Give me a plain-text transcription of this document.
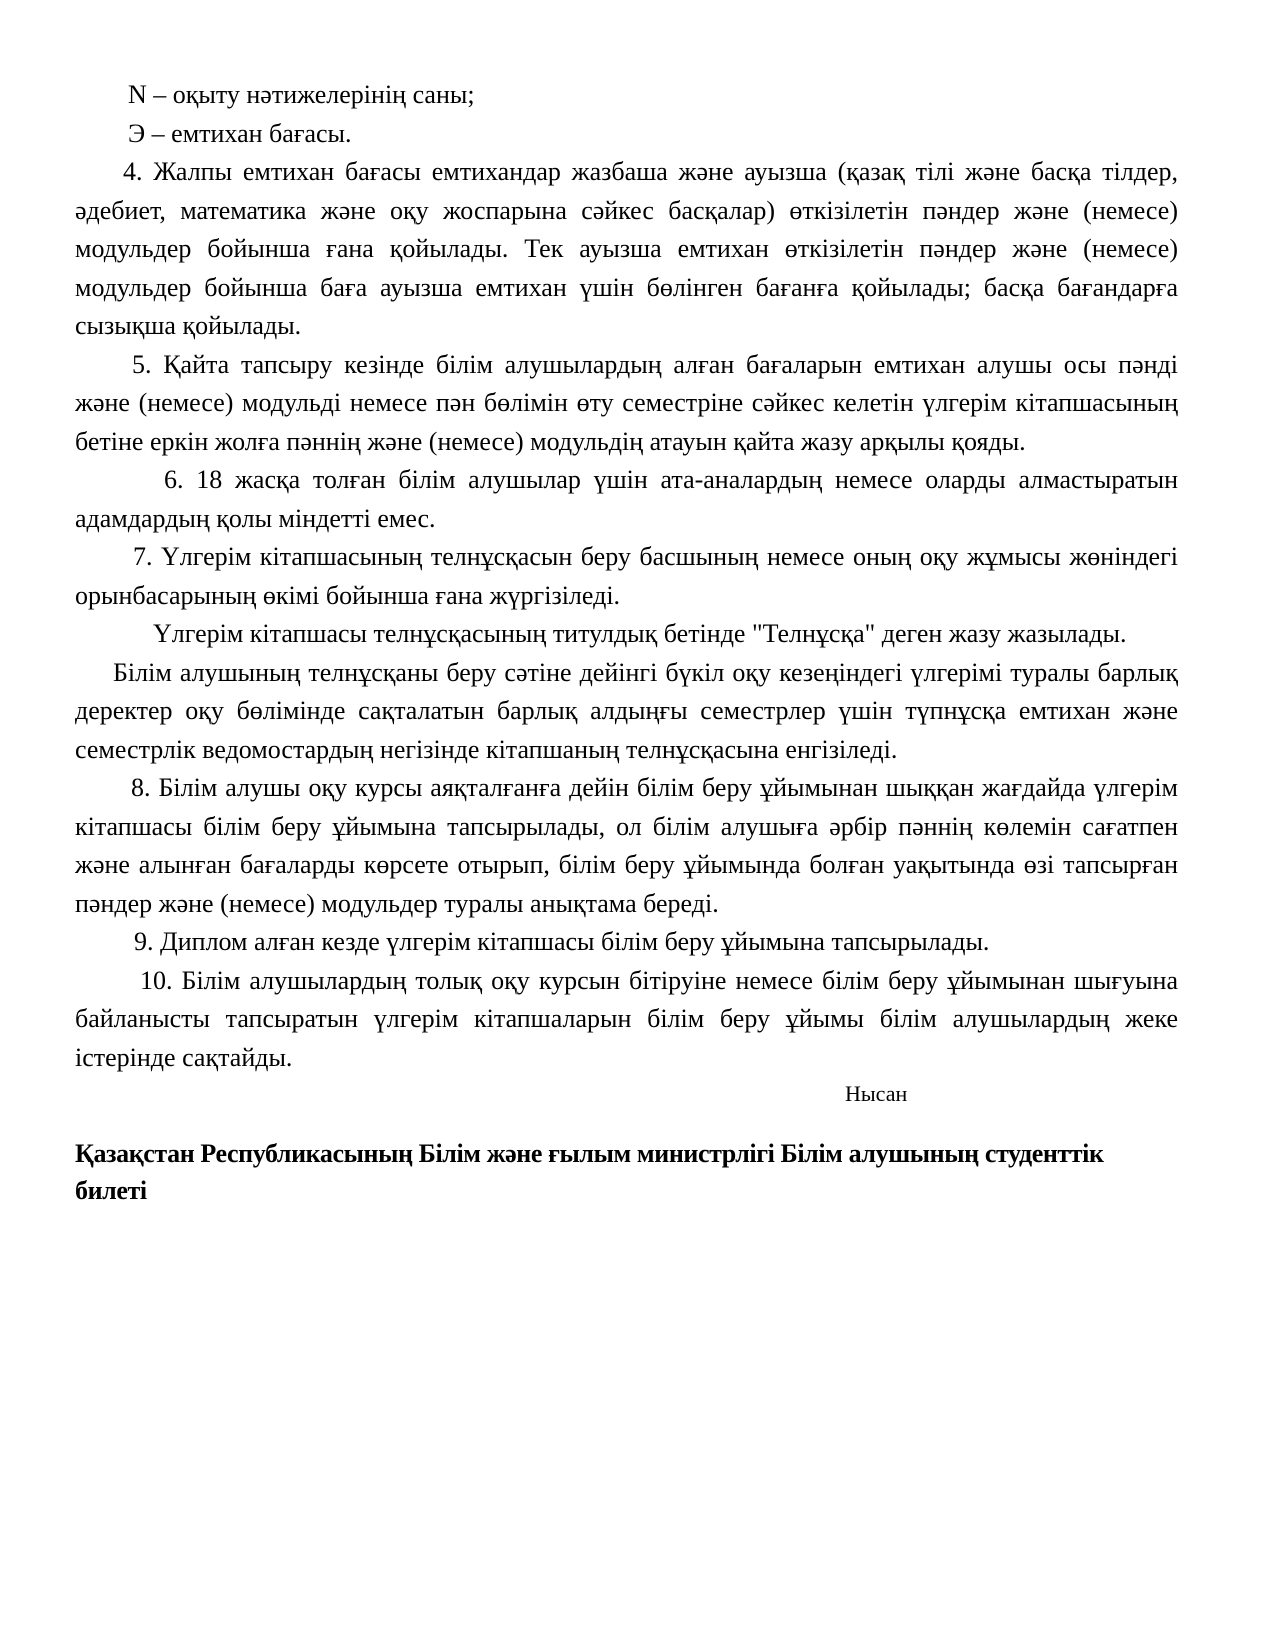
N – оқыту нәтижелерінің саны;

Э – емтихан бағасы.

4. Жалпы емтихан бағасы емтихандар жазбаша және ауызша (қазақ тілі және басқа тілдер, әдебиет, математика және оқу жоспарына сәйкес басқалар) өткізілетін пәндер және (немесе) модульдер бойынша ғана қойылады. Тек ауызша емтихан өткізілетін пәндер және (немесе) модульдер бойынша баға ауызша емтихан үшін бөлінген бағанға қойылады; басқа бағандарға сызықша қойылады.

5. Қайта тапсыру кезінде білім алушылардың алған бағаларын емтихан алушы осы пәнді және (немесе) модульді немесе пән бөлімін өту семестріне сәйкес келетін үлгерім кітапшасының бетіне еркін жолға пәннің және (немесе) модульдің атауын қайта жазу арқылы қояды.

6. 18 жасқа толған білім алушылар үшін ата-аналардың немесе оларды алмастыратын адамдардың қолы міндетті емес.

7. Үлгерім кітапшасының телнұсқасын беру басшының немесе оның оқу жұмысы жөніндегі орынбасарының өкімі бойынша ғана жүргізіледі.

Үлгерім кітапшасы телнұсқасының титулдық бетінде "Телнұсқа" деген жазу жазылады.

Білім алушының телнұсқаны беру сәтіне дейінгі бүкіл оқу кезеңіндегі үлгерімі туралы барлық деректер оқу бөлімінде сақталатын барлық алдыңғы семестрлер үшін түпнұсқа емтихан және семестрлік ведомостардың негізінде кітапшаның телнұсқасына енгізіледі.

8. Білім алушы оқу курсы аяқталғанға дейін білім беру ұйымынан шыққан жағдайда үлгерім кітапшасы білім беру ұйымына тапсырылады, ол білім алушыға әрбір пәннің көлемін сағатпен және алынған бағаларды көрсете отырып, білім беру ұйымында болған уақытында өзі тапсырған пәндер және (немесе) модульдер туралы анықтама береді.

9. Диплом алған кезде үлгерім кітапшасы білім беру ұйымына тапсырылады.

10. Білім алушылардың толық оқу курсын бітіруіне немесе білім беру ұйымынан шығуына байланысты тапсыратын үлгерім кітапшаларын білім беру ұйымы білім алушылардың жеке істерінде сақтайды.

Нысан
Қазақстан Республикасының Білім және ғылым министрлігі Білім алушының студенттік
билеті
